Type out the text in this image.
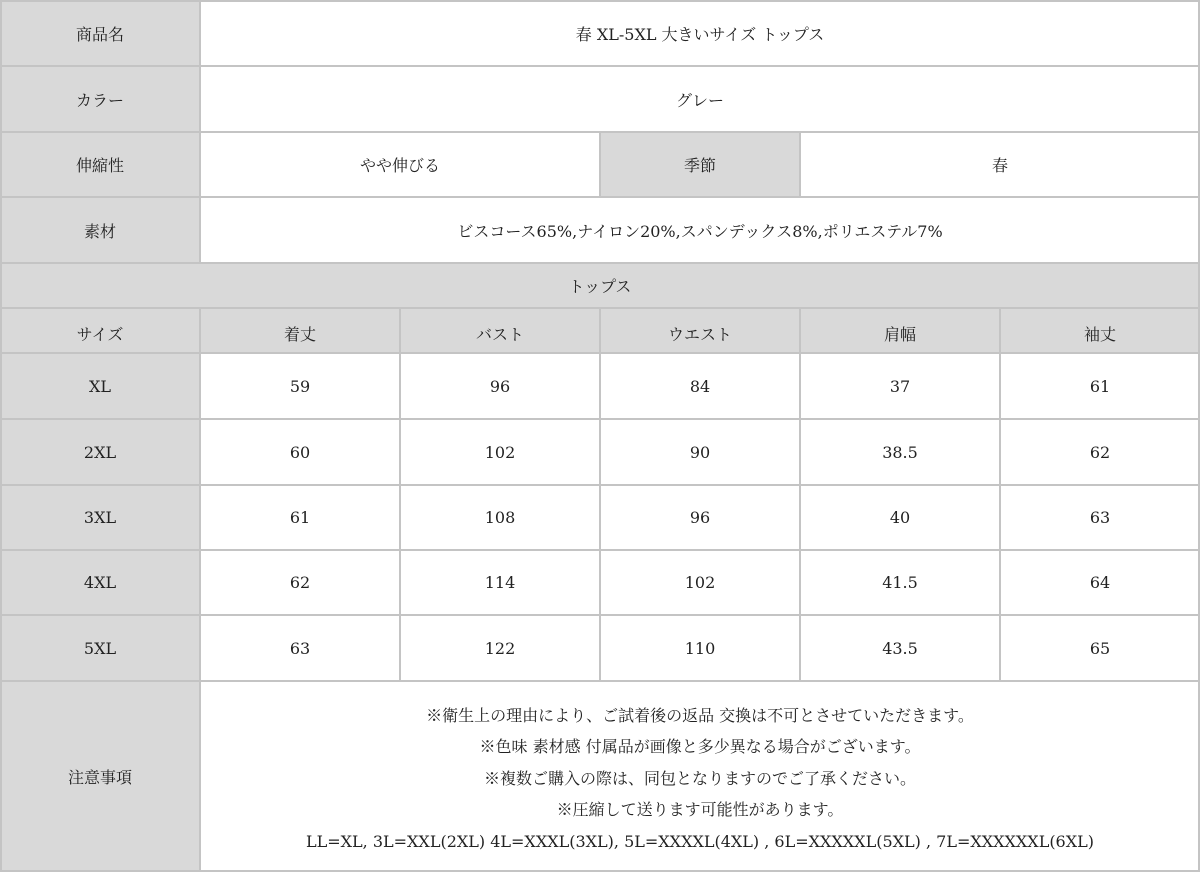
商品名	春 XL-5XL 大きいサイズ トップス
カラー	グレー
伸縮性	やや伸びる	季節	春
素材	ビスコース65%,ナイロン20%,スパンデックス8%,ポリエステル7%
トップス
サイズ	着丈	バスト	ウエスト	肩幅	袖丈
XL	59	96	84	37	61
2XL	60	102	90	38.5	62
3XL	61	108	96	40	63
4XL	62	114	102	41.5	64
5XL	63	122	110	43.5	65
注意事項
※衛生上の理由により、ご試着後の返品 交換は不可とさせていただきます。
※色味 素材感 付属品が画像と多少異なる場合がございます。
※複数ご購入の際は、同包となりますのでご了承ください。
※圧縮して送ります可能性があります。
LL=XL, 3L=XXL(2XL) 4L=XXXL(3XL), 5L=XXXXL(4XL) , 6L=XXXXXL(5XL) , 7L=XXXXXXL(6XL)
